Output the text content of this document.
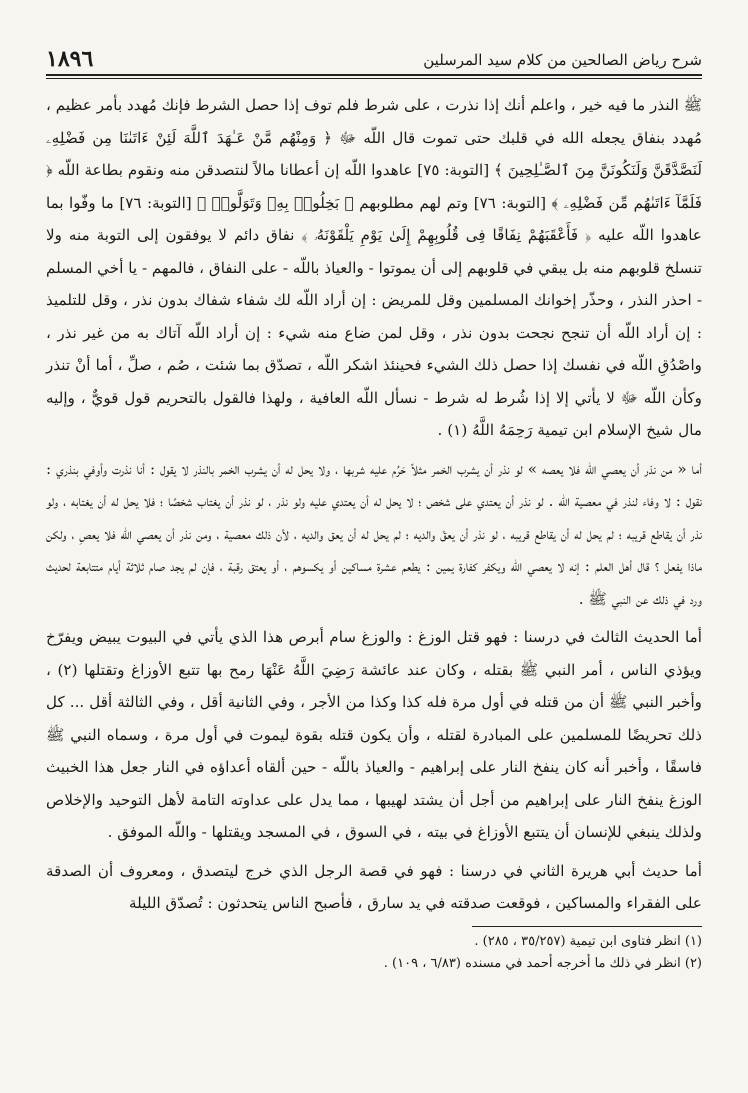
شرح رياض الصالحين من كلام سيد المرسلين
١٨٩٦

ﷺ النذر ما فيه خير ، واعلم أنك إذا نذرت ، على شرط فلم توف إذا حصل الشرط فإنك مُهدد بأمر عظيم ، مُهدد بنفاق يجعله الله في قلبك حتى تموت قال اللّه ﷻ ﴿ وَمِنْهُم مَّنْ عَـٰهَدَ ٱللَّهَ لَئِنْ ءَاتَىٰنَا مِن فَضْلِهِۦ لَنَصَّدَّقَنَّ وَلَنَكُونَنَّ مِنَ ٱلصَّـٰلِحِينَ ﴾ [التوبة: ٧٥] عاهدوا اللّه إن أعطانا مالاً لنتصدقن منه ونقوم بطاعة اللّه ﴿ فَلَمَّآ ءَاتَىٰهُم مِّن فَضْلِهِۦ ﴾ [التوبة: ٧٦] وتم لهم مطلوبهم ﴿ بَخِلُوا۟ بِهِۦ وَتَوَلَّوا۟ ﴾ [التوبة: ٧٦] ما وفّوا بما عاهدوا اللّه عليه ﴿ فَأَعْقَبَهُمْ نِفَاقًا فِى قُلُوبِهِمْ إِلَىٰ يَوْمِ يَلْقَوْنَهُۥ ﴾ نفاق دائم لا يوفقون إلى التوبة منه ولا تنسلخ قلوبهم منه بل يبقي في قلوبهم إلى أن يموتوا - والعياذ باللّه - على النفاق ، فالمهم - يا أخي المسلم - احذر النذر ، وحذّر إخوانك المسلمين وقل للمريض : إن أراد اللّه لك شفاء شفاك بدون نذر ، وقل للتلميذ : إن أراد اللّه أن تنجح نجحت بدون نذر ، وقل لمن ضاع منه شيء : إن أراد اللّه آتاك به من غير نذر ، واصْدُقِ اللّه في نفسك إذا حصل ذلك الشيء فحينئذ اشكر اللّه ، تصدّق بما شئت ، صُم ، صلِّ ، أما أنْ تنذر وكأن اللّه ﷻ لا يأتي إلا إذا شُرط له شرط - نسأل اللّه العافية ، ولهذا فالقول بالتحريم قول قويٌّ ، وإليه مال شيخ الإسلام ابن تيمية رَحِمَهُ اللَّهُ (١) .

أما « من نذر أن يعصي اللّه فلا يعصه » لو نذر أن يشرب الخمر مثلاً حَرُم عليه شربها ، ولا يحل له أن يشرب الخمر بالنذر لا يقول : أنا نذرت وأوفي بنذري : نقول : لا وفاء لنذر في معصية اللّه . لو نذر أن يعتدي على شخص ؛ لا يحل له أن يعتدي عليه ولو نذر ، لو نذر أن يغتاب شخصًا ؛ فلا يحل له أن يغتابه ، ولو نذر أن يقاطع قريبه ؛ لم يحل له أن يقاطع قريبه ، لو نذر أن يعقّ والديه ؛ لم يحل له أن يعق والديه ، لأن ذلك معصية ، ومن نذر أن يعصي اللّه فلا يعصِ ، ولكن ماذا يفعل ؟ قال أهل العلم : إنه لا يعصي اللّه ويكفر كفارة يمين : يطعم عشرة مساكين أو يكسوهم ، أو يعتق رقبة ، فإن لم يجد صام ثلاثة أيام متتابعة لحديث ورد في ذلك عن النبي ﷺ .

أما الحديث الثالث في درسنا : فهو قتل الوزغ : والوزغ سام أبرص هذا الذي يأتي في البيوت يبيض ويفرّخ ويؤذي الناس ، أمر النبي ﷺ بقتله ، وكان عند عائشة رَضِيَ اللَّهُ عَنْهَا رمح بها تتبع الأوزاغ وتقتلها (٢) ، وأخبر النبي ﷺ أن من قتله في أول مرة فله كذا وكذا من الأجر ، وفي الثانية أقل ، وفي الثالثة أقل ... كل ذلك تحريضًا للمسلمين على المبادرة لقتله ، وأن يكون قتله بقوة ليموت في أول مرة ، وسماه النبي ﷺ فاسقًا ، وأخبر أنه كان ينفخ النار على إبراهيم - والعياذ باللّه - حين ألقاه أعداؤه في النار جعل هذا الخبيث الوزغ ينفخ النار على إبراهيم من أجل أن يشتد لهيبها ، مما يدل على عداوته التامة لأهل التوحيد والإخلاص ولذلك ينبغي للإنسان أن يتتبع الأوزاغ في بيته ، في السوق ، في المسجد ويقتلها - واللّه الموفق .

أما حديث أبي هريرة الثاني في درسنا : فهو في قصة الرجل الذي خرج ليتصدق ، ومعروف أن الصدقة على الفقراء والمساكين ، فوقعت صدقته في يد سارق ، فأصبح الناس يتحدثون : تُصدّق الليلة

(١) انظر فتاوى ابن تيمية (٣٥/٢٥٧ ، ٢٨٥) .

(٢) انظر في ذلك ما أخرجه أحمد في مسنده (٦/٨٣ ، ١٠٩) .
